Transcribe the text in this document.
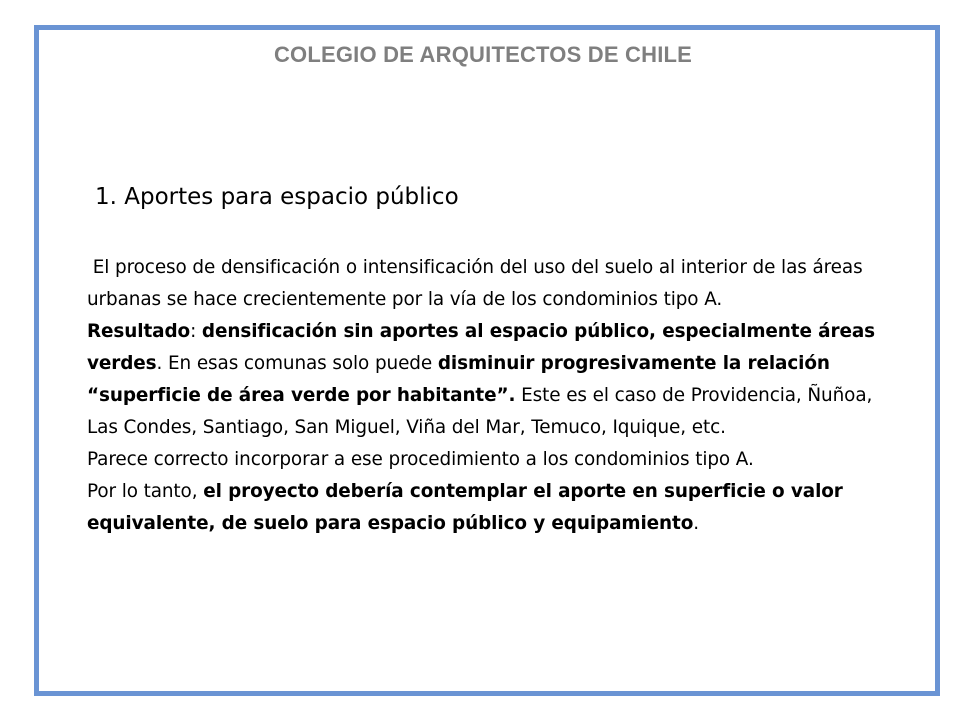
COLEGIO DE ARQUITECTOS DE CHILE
1. Aportes para espacio público

El proceso de densificación o intensificación del uso del suelo al interior de las áreas urbanas se hace crecientemente por la vía de los condominios tipo A.

Resultado: densificación sin aportes al espacio público, especialmente áreas verdes. En esas comunas solo puede disminuir progresivamente la relación “superficie de área verde por habitante”. Este es el caso de Providencia, Ñuñoa, Las Condes, Santiago, San Miguel, Viña del Mar, Temuco, Iquique, etc.

Parece correcto incorporar a ese procedimiento a los condominios tipo A.

Por lo tanto, el proyecto debería contemplar el aporte en superficie o valor equivalente, de suelo para espacio público y equipamiento.
